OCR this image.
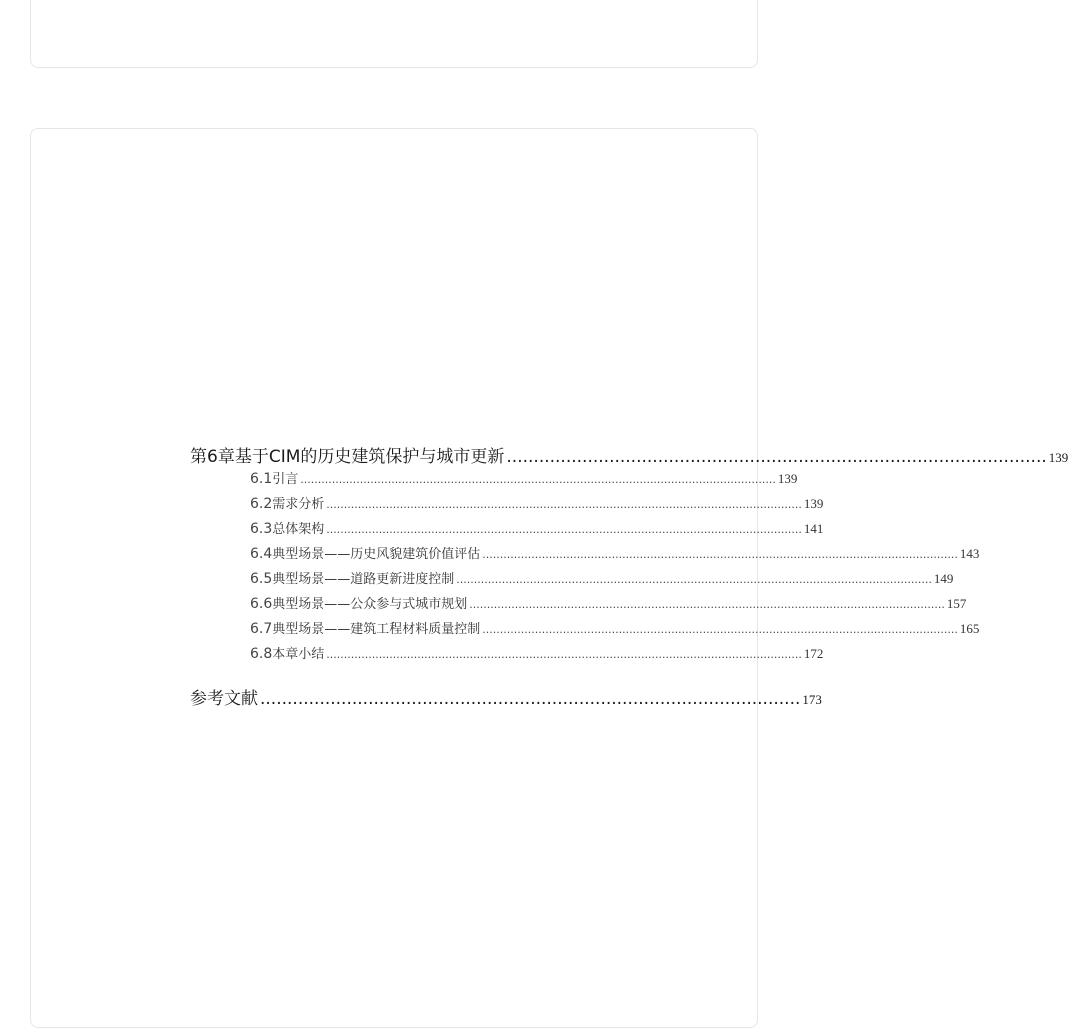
第6章 基于CIM的历史建筑保护与城市更新 .................................................................................................... 139
6.1 引言 ........................................................................................................................................ 139
6.2 需求分析 ........................................................................................................................................ 139
6.3 总体架构 ........................................................................................................................................ 141
6.4 典型场景——历史风貌建筑价值评估 ........................................................................................................................................ 143
6.5 典型场景——道路更新进度控制 ........................................................................................................................................ 149
6.6 典型场景——公众参与式城市规划 ........................................................................................................................................ 157
6.7 典型场景——建筑工程材料质量控制 ........................................................................................................................................ 165
6.8 本章小结 ........................................................................................................................................ 172
参考文献 .................................................................................................... 173
